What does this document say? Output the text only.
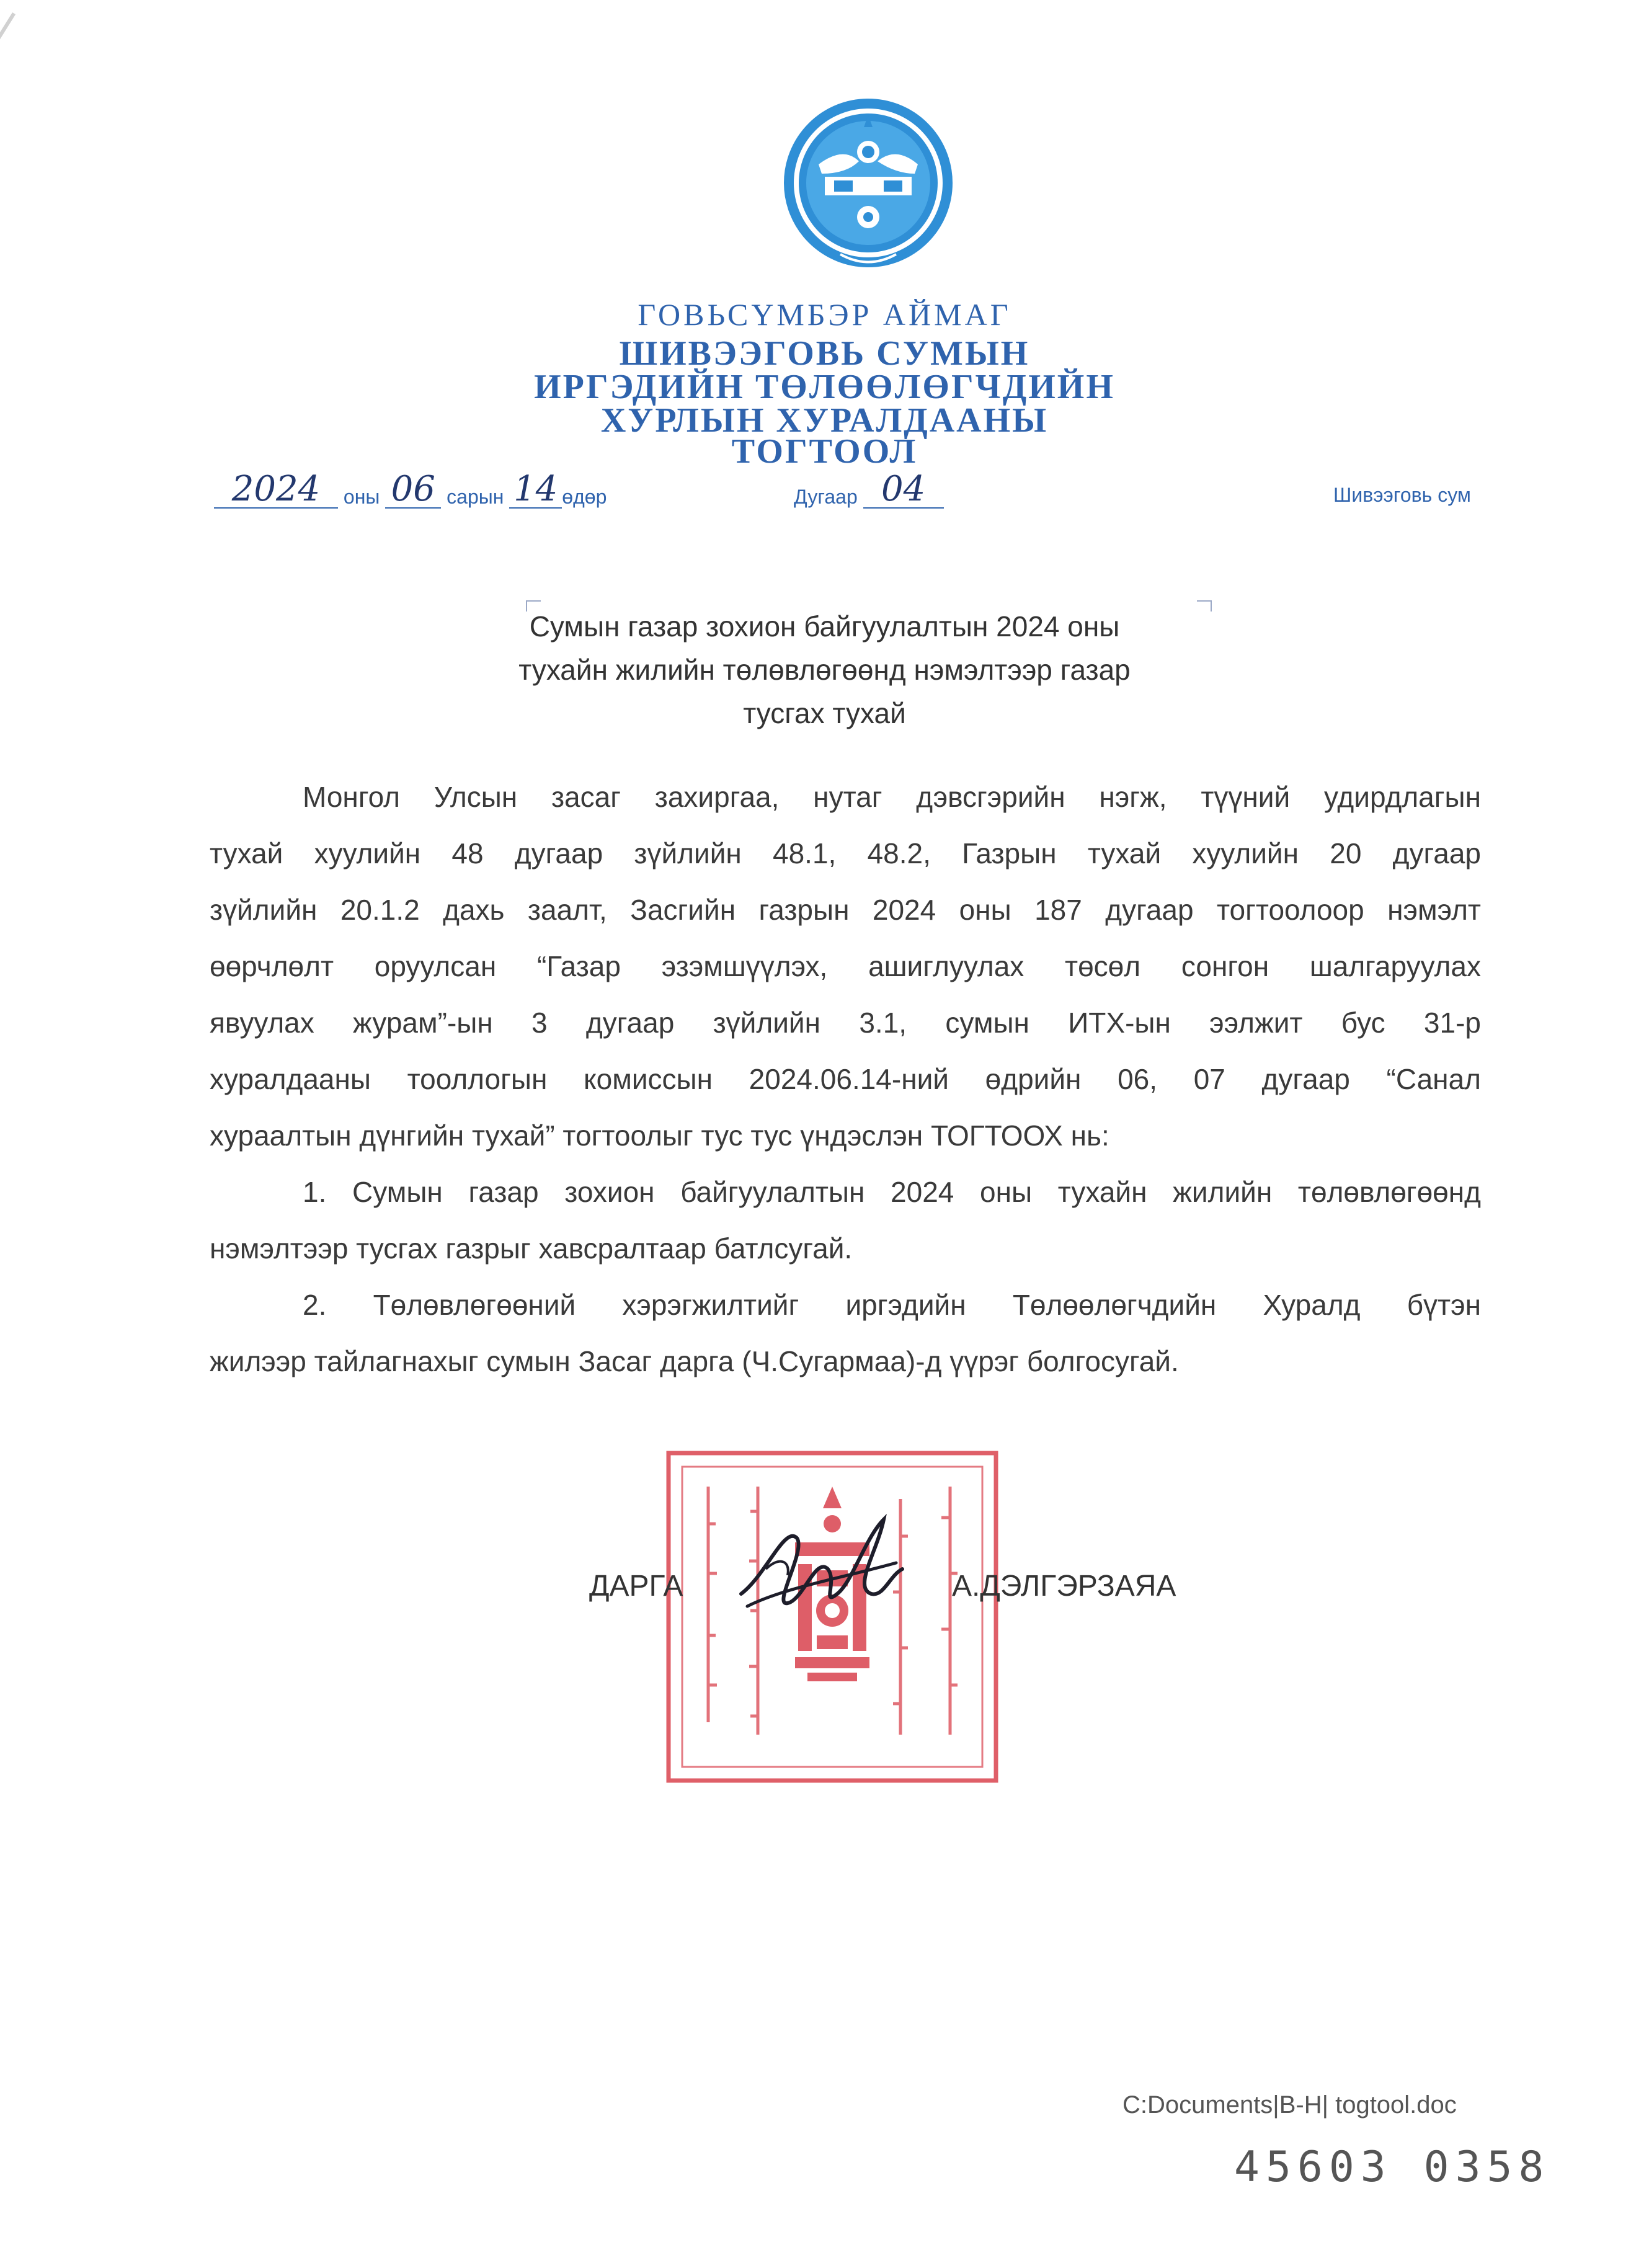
ГОВЬСҮМБЭР АЙМАГ
ШИВЭЭГОВЬ СУМЫН
ИРГЭДИЙН ТӨЛӨӨЛӨГЧДИЙН
ХУРЛЫН ХУРАЛДААНЫ
ТОГТООЛ
2024 оны 06 сарын 14 өдөр	Дугаар 04	Шивээговь сум
Сумын газар зохион байгуулалтын 2024 оны
тухайн жилийн төлөвлөгөөнд нэмэлтээр газар
тусгах тухай

Монгол Улсын засаг захиргаа, нутаг дэвсгэрийн нэгж, түүний удирдлагын

тухай хуулийн 48 дугаар зүйлийн 48.1, 48.2, Газрын тухай хуулийн 20 дугаар

зүйлийн 20.1.2 дахь заалт, Засгийн газрын 2024 оны 187 дугаар тогтоолоор нэмэлт

өөрчлөлт оруулсан “Газар эзэмшүүлэх, ашиглуулах төсөл сонгон шалгаруулах

явуулах журам”-ын 3 дугаар зүйлийн 3.1, сумын ИТХ-ын ээлжит бус 31-р

хуралдааны тооллогын комиссын 2024.06.14-ний өдрийн 06, 07 дугаар “Санал

хураалтын дүнгийн тухай” тогтоолыг тус тус үндэслэн ТОГТООХ нь:

1. Сумын газар зохион байгуулалтын 2024 оны тухайн жилийн төлөвлөгөөнд

нэмэлтээр тусгах газрыг хавсралтаар батлсугай.

2. Төлөвлөгөөний хэрэгжилтийг иргэдийн Төлөөлөгчдийн Хуралд бүтэн

жилээр тайлагнахыг сумын Засаг дарга (Ч.Сугармаа)-д үүрэг болгосугай.

ДАРГА	А.ДЭЛГЭРЗАЯА
C:Documents|B-H| togtool.doc
45603 0358
